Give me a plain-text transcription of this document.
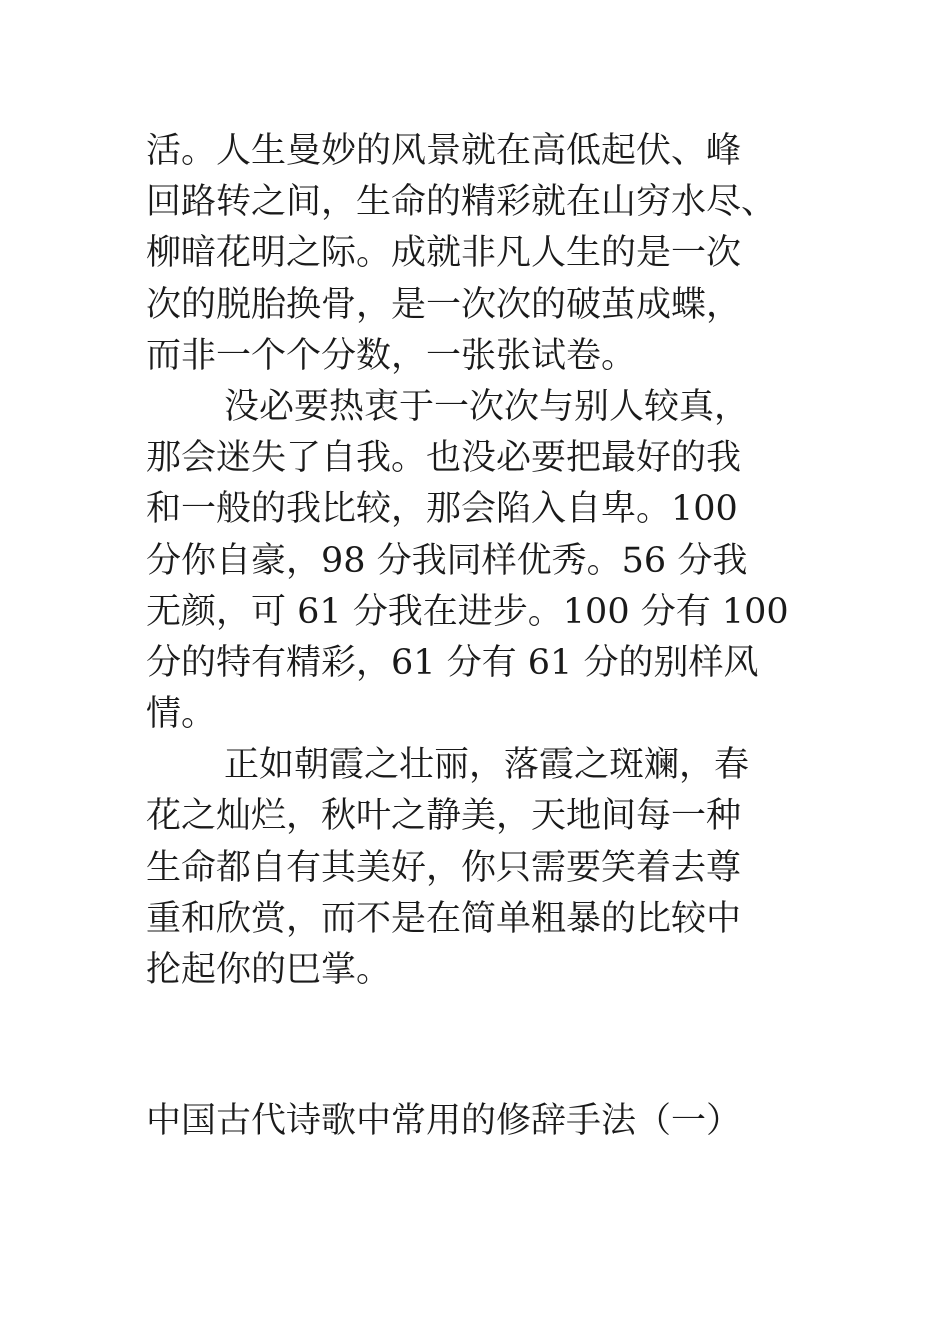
活。人生曼妙的风景就在高低起伏、峰
回路转之间，生命的精彩就在山穷水尽、
柳暗花明之际。成就非凡人生的是一次
次的脱胎换骨，是一次次的破茧成蝶，
而非一个个分数，一张张试卷。
没必要热衷于一次次与别人较真，
那会迷失了自我。也没必要把最好的我
和一般的我比较，那会陷入自卑。100
分你自豪，98 分我同样优秀。56 分我
无颜，可 61 分我在进步。100 分有 100
分的特有精彩，61 分有 61 分的别样风
情。
正如朝霞之壮丽，落霞之斑斓，春
花之灿烂，秋叶之静美，天地间每一种
生命都自有其美好，你只需要笑着去尊
重和欣赏，而不是在简单粗暴的比较中
抡起你的巴掌。
中国古代诗歌中常用的修辞手法（一）
